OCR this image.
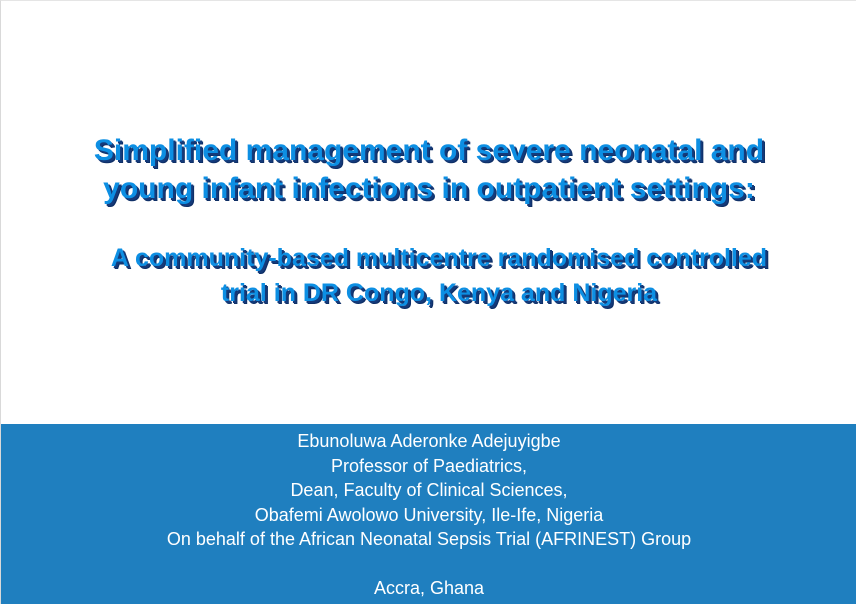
Simplified management of severe neonatal and
young infant infections in outpatient settings:
A community-based multicentre randomised controlled
trial in DR Congo, Kenya and Nigeria
Ebunoluwa Aderonke Adejuyigbe
Professor of Paediatrics,
Dean, Faculty of Clinical Sciences,
Obafemi Awolowo University, Ile-Ife, Nigeria
On behalf of the African Neonatal Sepsis Trial (AFRINEST) Group
Accra, Ghana
